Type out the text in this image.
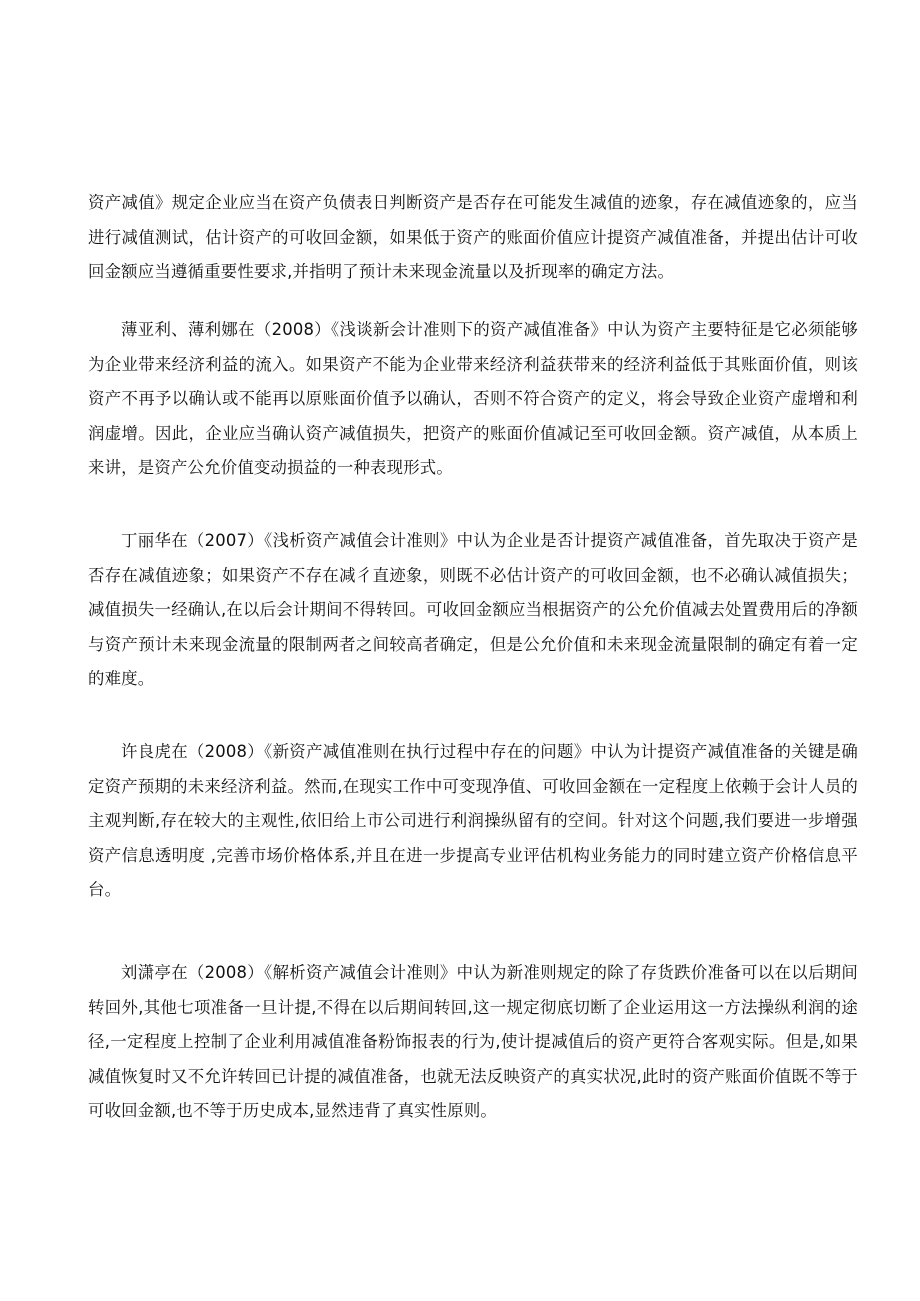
资产减值》规定企业应当在资产负债表日判断资产是否存在可能发生减值的迹象，存在减值迹象的，应当进行减值测试，估计资产的可收回金额，如果低于资产的账面价值应计提资产减值准备，并提出估计可收回金额应当遵循重要性要求,并指明了预计未来现金流量以及折现率的确定方法。

薄亚利、薄利娜在（2008）《浅谈新会计准则下的资产减值准备》中认为资产主要特征是它必须能够为企业带来经济利益的流入。如果资产不能为企业带来经济利益获带来的经济利益低于其账面价值，则该资产不再予以确认或不能再以原账面价值予以确认，否则不符合资产的定义，将会导致企业资产虚增和利润虚增。因此，企业应当确认资产减值损失，把资产的账面价值减记至可收回金额。资产减值，从本质上来讲，是资产公允价值变动损益的一种表现形式。

丁丽华在（2007）《浅析资产减值会计准则》中认为企业是否计提资产减值准备，首先取决于资产是否存在减值迹象；如果资产不存在减彳直迹象，则既不必估计资产的可收回金额，也不必确认减值损失；减值损失一经确认,在以后会计期间不得转回。可收回金额应当根据资产的公允价值减去处置费用后的净额与资产预计未来现金流量的限制两者之间较高者确定，但是公允价值和未来现金流量限制的确定有着一定的难度。

许良虎在（2008）《新资产减值准则在执行过程中存在的问题》中认为计提资产减值准备的关键是确定资产预期的未来经济利益。然而,在现实工作中可变现净值、可收回金额在一定程度上依赖于会计人员的主观判断,存在较大的主观性,依旧给上市公司进行利润操纵留有的空间。针对这个问题,我们要进一步增强资产信息透明度 ,完善市场价格体系,并且在进一步提高专业评估机构业务能力的同时建立资产价格信息平台。

刘潇亭在（2008）《解析资产减值会计准则》中认为新准则规定的除了存货跌价准备可以在以后期间转回外,其他七项准备一旦计提,不得在以后期间转回,这一规定彻底切断了企业运用这一方法操纵利润的途径,一定程度上控制了企业利用减值准备粉饰报表的行为,使计提减值后的资产更符合客观实际。但是,如果减值恢复时又不允许转回已计提的减值准备，也就无法反映资产的真实状况,此时的资产账面价值既不等于可收回金额,也不等于历史成本,显然违背了真实性原则。
